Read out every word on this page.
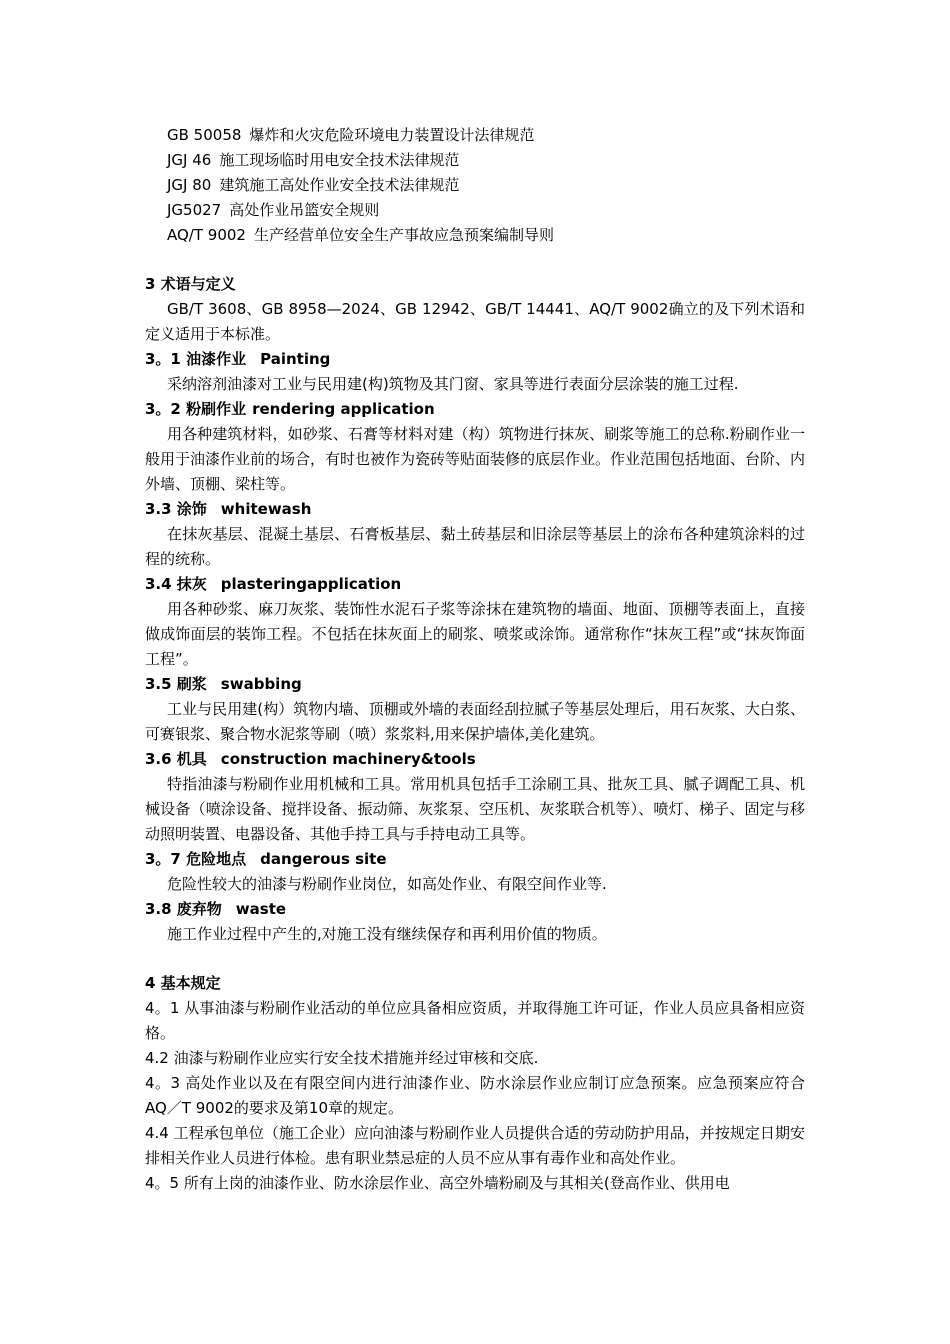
GB 50058 爆炸和火灾危险环境电力装置设计法律规范
JGJ 46 施工现场临时用电安全技术法律规范
JGJ 80 建筑施工高处作业安全技术法律规范
JG5027 高处作业吊篮安全规则
AQ/T 9002 生产经营单位安全生产事故应急预案编制导则
3 术语与定义
GB/T 3608、GB 8958—2024、GB 12942、GB/T 14441、AQ/T 9002确立的及下列术语和定义适用于本标准。
3。1 油漆作业 Painting
采纳溶剂油漆对工业与民用建(构)筑物及其门窗、家具等进行表面分层涂装的施工过程.
3。2 粉刷作业 rendering application
用各种建筑材料，如砂浆、石膏等材料对建（构）筑物进行抹灰、刷浆等施工的总称.粉刷作业一般用于油漆作业前的场合，有时也被作为瓷砖等贴面装修的底层作业。作业范围包括地面、台阶、内外墙、顶棚、梁柱等。
3.3 涂饰 whitewash
在抹灰基层、混凝土基层、石膏板基层、黏土砖基层和旧涂层等基层上的涂布各种建筑涂料的过程的统称。
3.4 抹灰 plasteringapplication
用各种砂浆、麻刀灰浆、装饰性水泥石子浆等涂抹在建筑物的墙面、地面、顶棚等表面上，直接做成饰面层的装饰工程。不包括在抹灰面上的刷浆、喷浆或涂饰。通常称作“抹灰工程”或“抹灰饰面工程”。
3.5 刷浆 swabbing
工业与民用建(构）筑物内墙、顶棚或外墙的表面经刮拉腻子等基层处理后，用石灰浆、大白浆、可赛银浆、聚合物水泥浆等刷（喷）浆浆料,用来保护墙体,美化建筑。
3.6 机具 construction machinery&tools
特指油漆与粉刷作业用机械和工具。常用机具包括手工涂刷工具、批灰工具、腻子调配工具、机械设备（喷涂设备、搅拌设备、振动筛、灰浆泵、空压机、灰浆联合机等）、喷灯、梯子、固定与移动照明装置、电器设备、其他手持工具与手持电动工具等。
3。7 危险地点 dangerous site
危险性较大的油漆与粉刷作业岗位，如高处作业、有限空间作业等.
3.8 废弃物 waste
施工作业过程中产生的,对施工没有继续保存和再利用价值的物质。
4 基本规定
4。1 从事油漆与粉刷作业活动的单位应具备相应资质，并取得施工许可证，作业人员应具备相应资格。
4.2 油漆与粉刷作业应实行安全技术措施并经过审核和交底.
4。3 高处作业以及在有限空间内进行油漆作业、防水涂层作业应制订应急预案。应急预案应符合AQ／T 9002的要求及第10章的规定。
4.4 工程承包单位（施工企业）应向油漆与粉刷作业人员提供合适的劳动防护用品，并按规定日期安排相关作业人员进行体检。患有职业禁忌症的人员不应从事有毒作业和高处作业。
4。5 所有上岗的油漆作业、防水涂层作业、高空外墙粉刷及与其相关(登高作业、供用电
